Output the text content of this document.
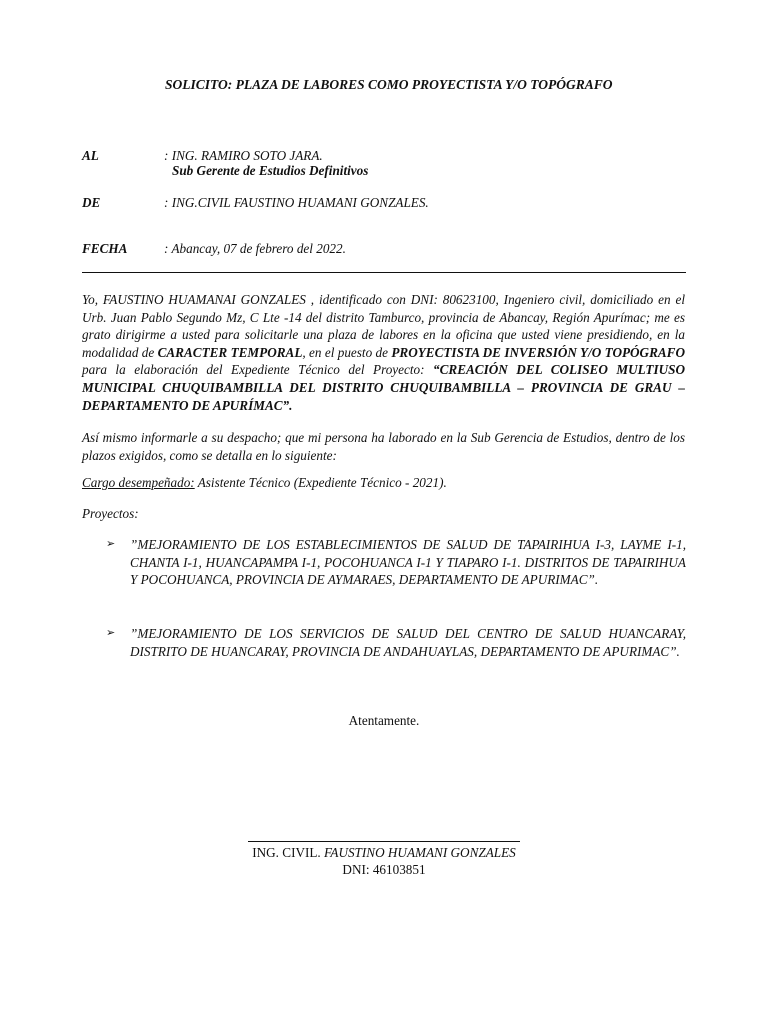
SOLICITO: PLAZA DE LABORES COMO PROYECTISTA Y/O TOPÓGRAFO
AL	: ING. RAMIRO SOTO JARA.
Sub Gerente de Estudios Definitivos
DE	: ING.CIVIL FAUSTINO HUAMANI GONZALES.
FECHA	: Abancay, 07 de febrero del 2022.
Yo, FAUSTINO HUAMANAI GONZALES , identificado con DNI: 80623100, Ingeniero civil, domiciliado en el Urb. Juan Pablo Segundo Mz, C Lte -14 del distrito Tamburco, provincia de Abancay, Región Apurímac; me es grato dirigirme a usted para solicitarle una plaza de labores en la oficina que usted viene presidiendo, en la modalidad de CARACTER TEMPORAL, en el puesto de PROYECTISTA DE INVERSIÓN Y/O TOPÓGRAFO para la elaboración del Expediente Técnico del Proyecto: “CREACIÓN DEL COLISEO MULTIUSO MUNICIPAL CHUQUIBAMBILLA DEL DISTRITO CHUQUIBAMBILLA – PROVINCIA DE GRAU – DEPARTAMENTO DE APURÍMAC”.
Así mismo informarle a su despacho; que mi persona ha laborado en la Sub Gerencia de Estudios, dentro de los plazos exigidos, como se detalla en lo siguiente:
Cargo desempeñado: Asistente Técnico (Expediente Técnico - 2021).
Proyectos:
➢ ”MEJORAMIENTO DE LOS ESTABLECIMIENTOS DE SALUD DE TAPAIRIHUA I-3, LAYME I-1, CHANTA I-1, HUANCAPAMPA I-1, POCOHUANCA I-1 Y TIAPARO I-1. DISTRITOS DE TAPAIRIHUA Y POCOHUANCA, PROVINCIA DE AYMARAES, DEPARTAMENTO DE APURIMAC”.
➢ ”MEJORAMIENTO DE LOS SERVICIOS DE SALUD DEL CENTRO DE SALUD HUANCARAY, DISTRITO DE HUANCARAY, PROVINCIA DE ANDAHUAYLAS, DEPARTAMENTO DE APURIMAC”.
Atentamente.
ING. CIVIL. FAUSTINO HUAMANI GONZALES
DNI: 46103851
